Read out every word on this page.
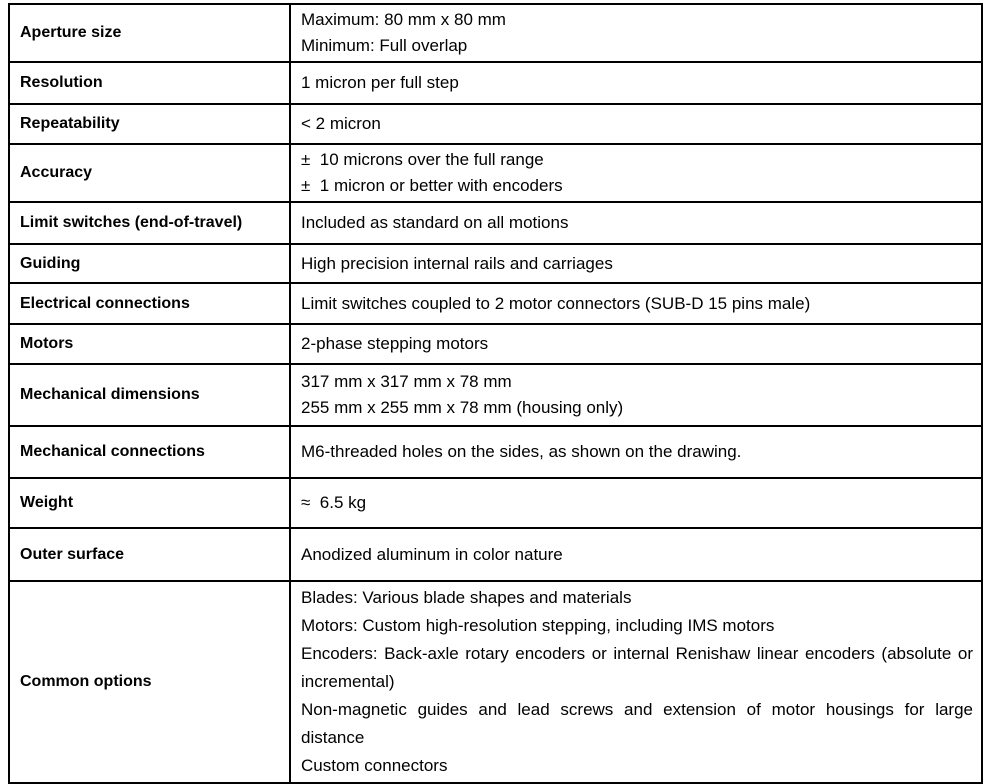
Aperture size	Maximum: 80 mm x 80 mm
Minimum: Full overlap

Resolution	1 micron per full step

Repeatability	< 2 micron

Accuracy	±  10 microns over the full range
±  1 micron or better with encoders

Limit switches (end-of-travel)	Included as standard on all motions

Guiding	High precision internal rails and carriages

Electrical connections	Limit switches coupled to 2 motor connectors (SUB-D 15 pins male)

Motors	2-phase stepping motors

Mechanical dimensions	317 mm x 317 mm x 78 mm
255 mm x 255 mm x 78 mm (housing only)

Mechanical connections	M6-threaded holes on the sides, as shown on the drawing.

Weight	≈  6.5 kg

Outer surface	Anodized aluminum in color nature

Common options	Blades: Various blade shapes and materials
Motors: Custom high-resolution stepping, including IMS motors
Encoders: Back-axle rotary encoders or internal Renishaw linear encoders (absolute or incremental)
Non-magnetic guides and lead screws and extension of motor housings for large distance
Custom connectors
